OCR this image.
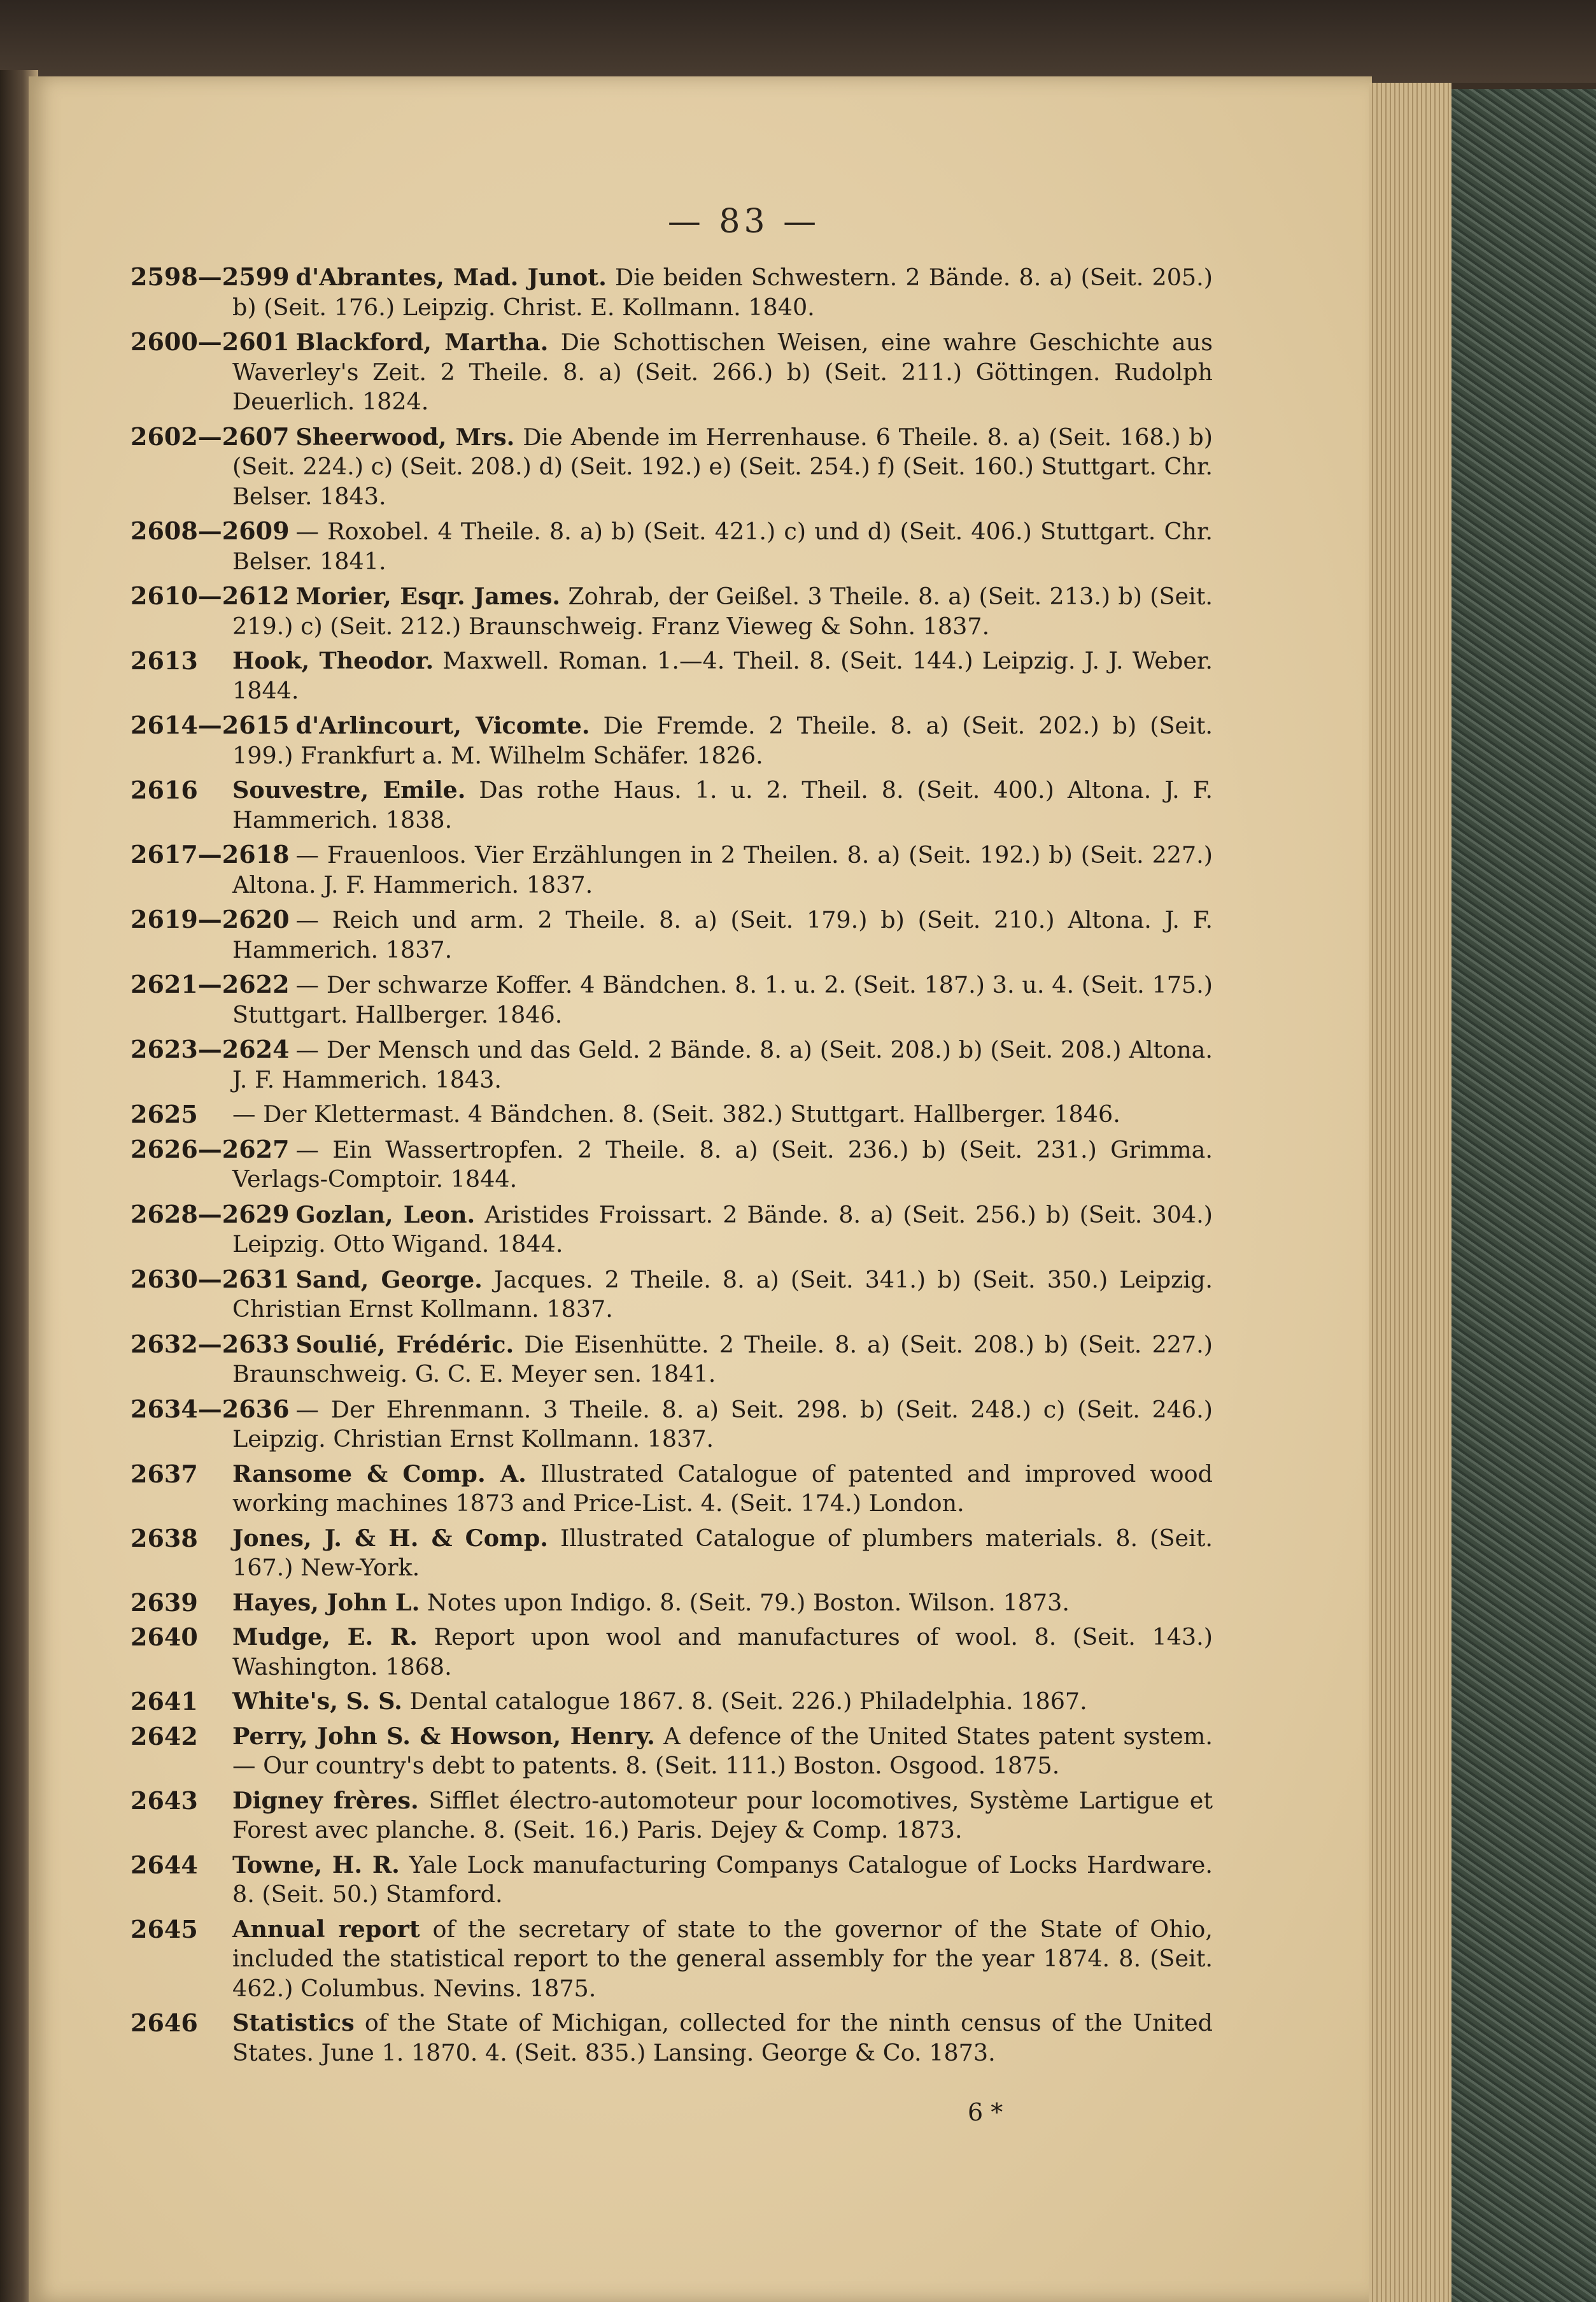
— 83 —
2598—2599 d'Abrantes, Mad. Junot. Die beiden Schwestern. 2 Bände. 8. a) (Seit. 205.) b) (Seit. 176.) Leipzig. Christ. E. Kollmann. 1840.
2600—2601 Blackford, Martha. Die Schottischen Weisen, eine wahre Geschichte aus Waverley's Zeit. 2 Theile. 8. a) (Seit. 266.) b) (Seit. 211.) Göttingen. Rudolph Deuerlich. 1824.
2602—2607 Sheerwood, Mrs. Die Abende im Herrenhause. 6 Theile. 8. a) (Seit. 168.) b) (Seit. 224.) c) (Seit. 208.) d) (Seit. 192.) e) (Seit. 254.) f) (Seit. 160.) Stuttgart. Chr. Belser. 1843.
2608—2609 — Roxobel. 4 Theile. 8. a) b) (Seit. 421.) c) und d) (Seit. 406.) Stuttgart. Chr. Belser. 1841.
2610—2612 Morier, Esqr. James. Zohrab, der Geißel. 3 Theile. 8. a) (Seit. 213.) b) (Seit. 219.) c) (Seit. 212.) Braunschweig. Franz Vieweg & Sohn. 1837.
2613 Hook, Theodor. Maxwell. Roman. 1.—4. Theil. 8. (Seit. 144.) Leipzig. J. J. Weber. 1844.
2614—2615 d'Arlincourt, Vicomte. Die Fremde. 2 Theile. 8. a) (Seit. 202.) b) (Seit. 199.) Frankfurt a. M. Wilhelm Schäfer. 1826.
2616 Souvestre, Emile. Das rothe Haus. 1. u. 2. Theil. 8. (Seit. 400.) Altona. J. F. Hammerich. 1838.
2617—2618 — Frauenloos. Vier Erzählungen in 2 Theilen. 8. a) (Seit. 192.) b) (Seit. 227.) Altona. J. F. Hammerich. 1837.
2619—2620 — Reich und arm. 2 Theile. 8. a) (Seit. 179.) b) (Seit. 210.) Altona. J. F. Hammerich. 1837.
2621—2622 — Der schwarze Koffer. 4 Bändchen. 8. 1. u. 2. (Seit. 187.) 3. u. 4. (Seit. 175.) Stuttgart. Hallberger. 1846.
2623—2624 — Der Mensch und das Geld. 2 Bände. 8. a) (Seit. 208.) b) (Seit. 208.) Altona. J. F. Hammerich. 1843.
2625 — Der Klettermast. 4 Bändchen. 8. (Seit. 382.) Stuttgart. Hallberger. 1846.
2626—2627 — Ein Wassertropfen. 2 Theile. 8. a) (Seit. 236.) b) (Seit. 231.) Grimma. Verlags-Comptoir. 1844.
2628—2629 Gozlan, Leon. Aristides Froissart. 2 Bände. 8. a) (Seit. 256.) b) (Seit. 304.) Leipzig. Otto Wigand. 1844.
2630—2631 Sand, George. Jacques. 2 Theile. 8. a) (Seit. 341.) b) (Seit. 350.) Leipzig. Christian Ernst Kollmann. 1837.
2632—2633 Soulié, Frédéric. Die Eisenhütte. 2 Theile. 8. a) (Seit. 208.) b) (Seit. 227.) Braunschweig. G. C. E. Meyer sen. 1841.
2634—2636 — Der Ehrenmann. 3 Theile. 8. a) Seit. 298. b) (Seit. 248.) c) (Seit. 246.) Leipzig. Christian Ernst Kollmann. 1837.
2637 Ransome & Comp. A. Illustrated Catalogue of patented and improved wood working machines 1873 and Price-List. 4. (Seit. 174.) London.
2638 Jones, J. & H. & Comp. Illustrated Catalogue of plumbers materials. 8. (Seit. 167.) New-York.
2639 Hayes, John L. Notes upon Indigo. 8. (Seit. 79.) Boston. Wilson. 1873.
2640 Mudge, E. R. Report upon wool and manufactures of wool. 8. (Seit. 143.) Washington. 1868.
2641 White's, S. S. Dental catalogue 1867. 8. (Seit. 226.) Philadelphia. 1867.
2642 Perry, John S. & Howson, Henry. A defence of the United States patent system. — Our country's debt to patents. 8. (Seit. 111.) Boston. Osgood. 1875.
2643 Digney frères. Sifflet électro-automoteur pour locomotives, Système Lartigue et Forest avec planche. 8. (Seit. 16.) Paris. Dejey & Comp. 1873.
2644 Towne, H. R. Yale Lock manufacturing Companys Catalogue of Locks Hardware. 8. (Seit. 50.) Stamford.
2645 Annual report of the secretary of state to the governor of the State of Ohio, included the statistical report to the general assembly for the year 1874. 8. (Seit. 462.) Columbus. Nevins. 1875.
2646 Statistics of the State of Michigan, collected for the ninth census of the United States. June 1. 1870. 4. (Seit. 835.) Lansing. George & Co. 1873.
6 *
